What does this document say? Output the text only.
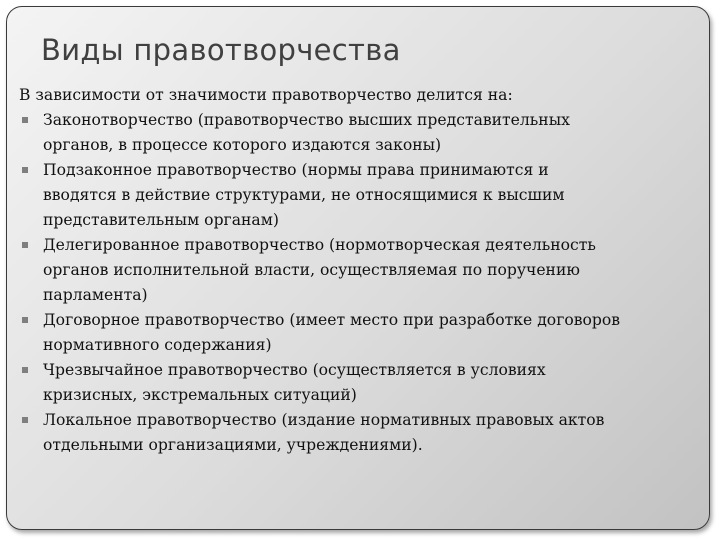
Виды правотворчества

В зависимости от значимости правотворчество делится на:

Законотворчество (правотворчество высших представительных
органов, в процессе которого издаются законы)
Подзаконное правотворчество (нормы права принимаются и
вводятся в действие структурами, не относящимися к высшим
представительным органам)
Делегированное правотворчество (нормотворческая деятельность
органов исполнительной власти, осуществляемая по поручению
парламента)
Договорное правотворчество (имеет место при разработке договоров
нормативного содержания)
Чрезвычайное правотворчество (осуществляется в условиях
кризисных, экстремальных ситуаций)
Локальное правотворчество (издание нормативных правовых актов
отдельными организациями, учреждениями).
